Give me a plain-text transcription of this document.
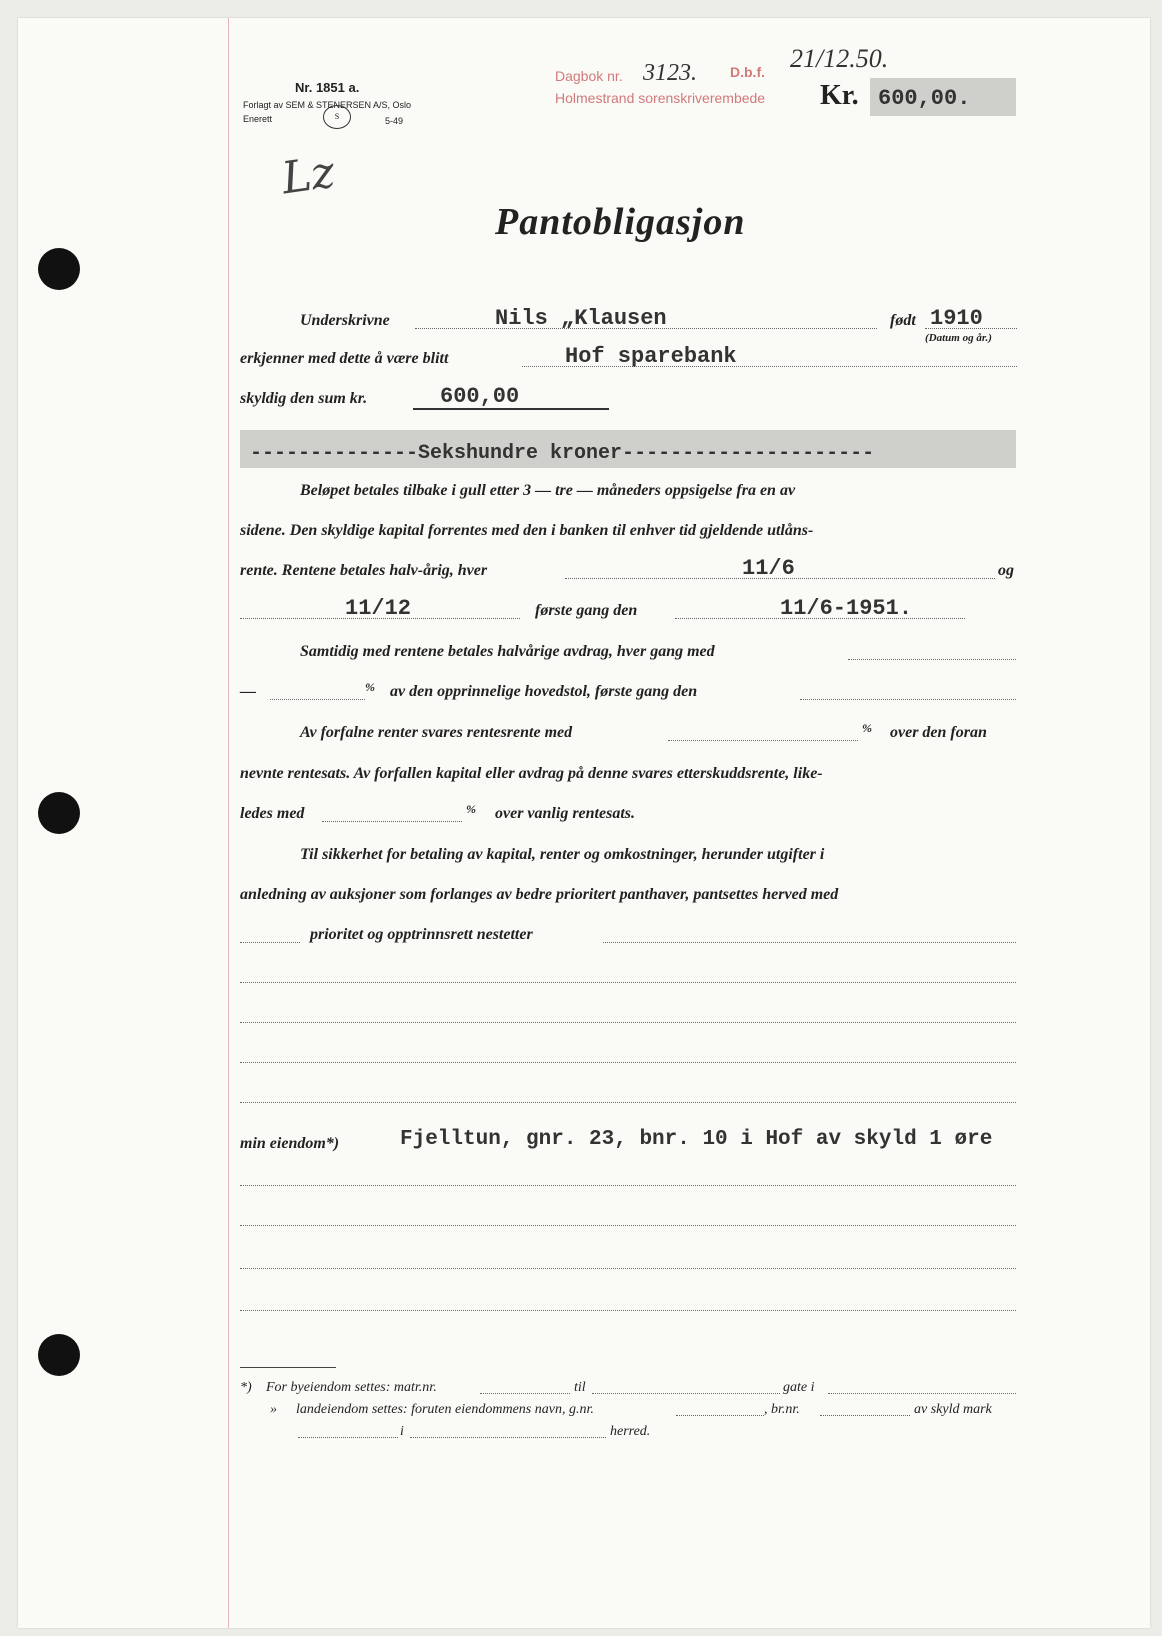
Nr. 1851 a.
Forlagt av SEM & STENERSEN A/S, Oslo
Enerett	S	5-49
Dagbok nr. 3123. D.b.f.
Holmestrand sorenskriverembede
21/12.50.
Kr. 600,00.
Lz
Pantobligasjon
Underskrivne	Nils „Klausen	født 1910
(Datum og år.)
erkjenner med dette å være blitt	Hof sparebank
skyldig den sum kr.	600,00
--------------Sekshundre kroner---------------------
Beløpet betales tilbake i gull etter 3 — tre — måneders oppsigelse fra en av
sidene. Den skyldige kapital forrentes med den i banken til enhver tid gjeldende utlåns-
rente. Rentene betales halv-årig, hver	11/6	og
11/12	første gang den	11/6-1951.
Samtidig med rentene betales halvårige avdrag, hver gang med
—	% av den opprinnelige hovedstol, første gang den
Av forfalne renter svares rentesrente med	% over den foran
nevnte rentesats. Av forfallen kapital eller avdrag på denne svares etterskuddsrente, like-
ledes med	% over vanlig rentesats.
Til sikkerhet for betaling av kapital, renter og omkostninger, herunder utgifter i
anledning av auksjoner som forlanges av bedre prioritert panthaver, pantsettes herved med
prioritet og opptrinnsrett nestetter
min eiendom*)	Fjelltun, gnr. 23, bnr. 10 i Hof av skyld 1 øre
*) For byeiendom settes: matr.nr.	til	gate i
» landeiendom settes: foruten eiendommens navn, g.nr.	, br.nr.	av skyld mark
i	herred.
